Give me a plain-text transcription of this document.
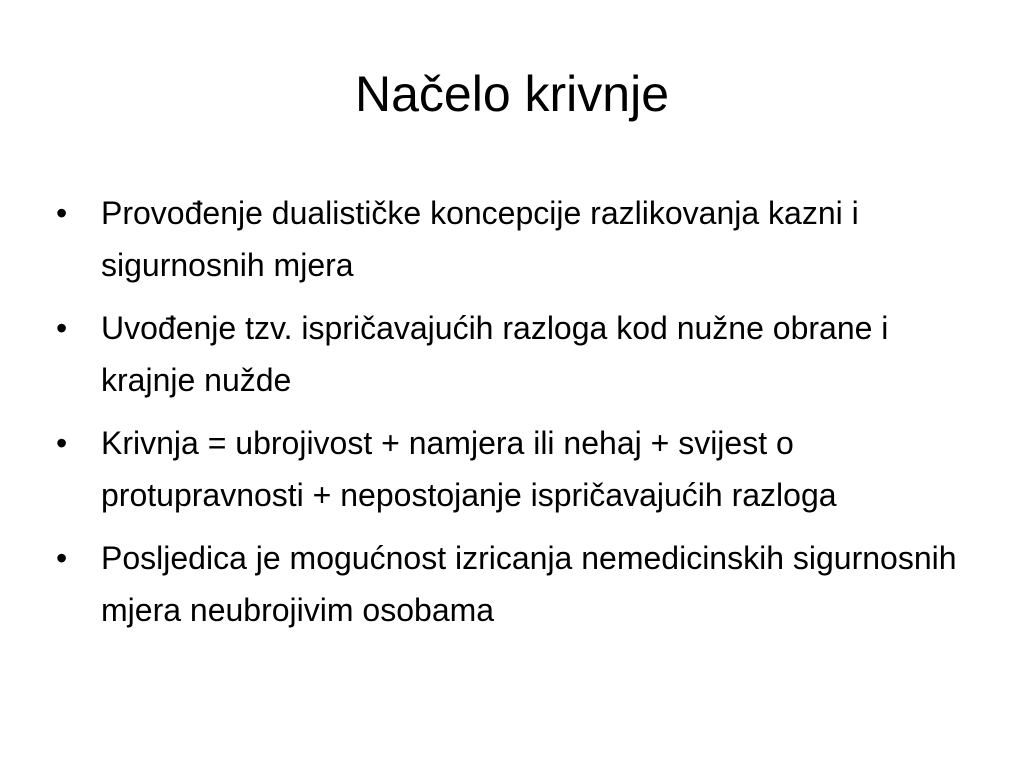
Načelo krivnje
•	Provođenje dualističke koncepcije razlikovanja kazni i sigurnosnih mjera
•	Uvođenje tzv. ispričavajućih razloga kod nužne obrane i krajnje nužde
•	Krivnja = ubrojivost + namjera ili nehaj + svijest o protupravnosti + nepostojanje ispričavajućih razloga
•	Posljedica je mogućnost izricanja nemedicinskih sigurnosnih mjera neubrojivim osobama
